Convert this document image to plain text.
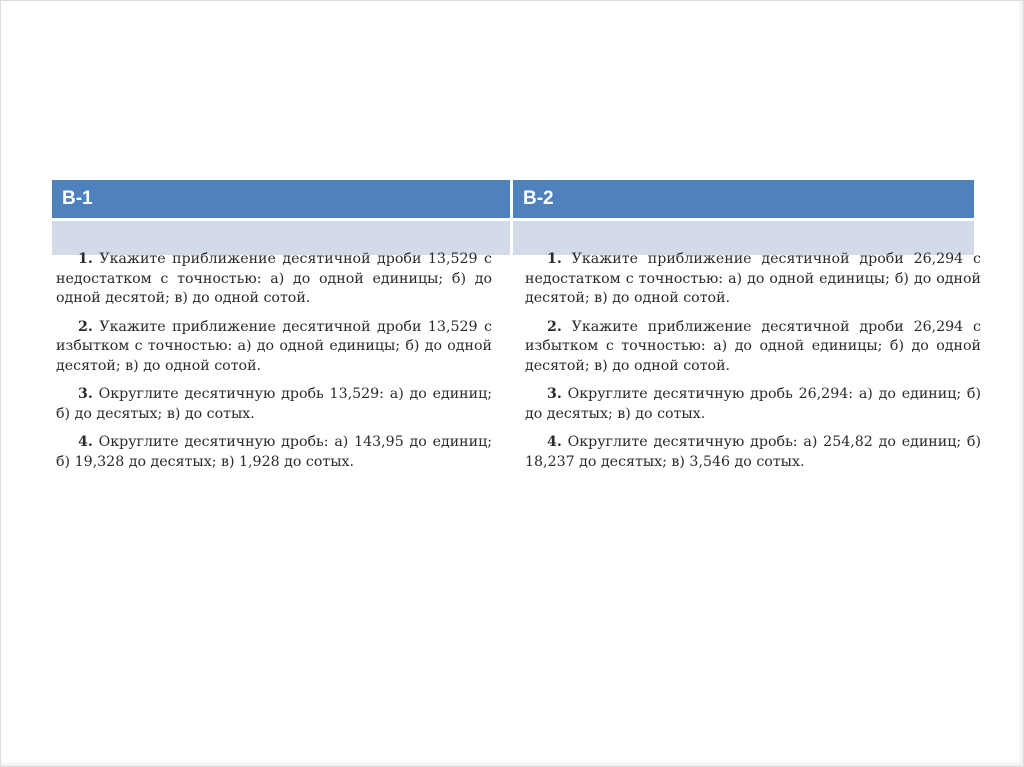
В-1	В-2

1. Укажите приближение десятичной дроби 13,529 с недостатком с точностью: а) до одной единицы; б) до одной десятой; в) до одной сотой.

2. Укажите приближение десятичной дроби 13,529 с избытком с точностью: а) до одной единицы; б) до одной десятой; в) до одной сотой.

3. Округлите десятичную дробь 13,529: а) до единиц; б) до десятых; в) до сотых.

4. Округлите десятичную дробь: а) 143,95 до единиц; б) 19,328 до десятых; в) 1,928 до сотых.

1. Укажите приближение десятичной дроби 26,294 с недостатком с точностью: а) до одной единицы; б) до одной десятой; в) до одной сотой.

2. Укажите приближение десятичной дроби 26,294 с избытком с точностью: а) до одной единицы; б) до одной десятой; в) до одной сотой.

3. Округлите десятичную дробь 26,294: а) до единиц; б) до десятых; в) до сотых.

4. Округлите десятичную дробь: а) 254,82 до единиц; б) 18,237 до десятых; в) 3,546 до сотых.
